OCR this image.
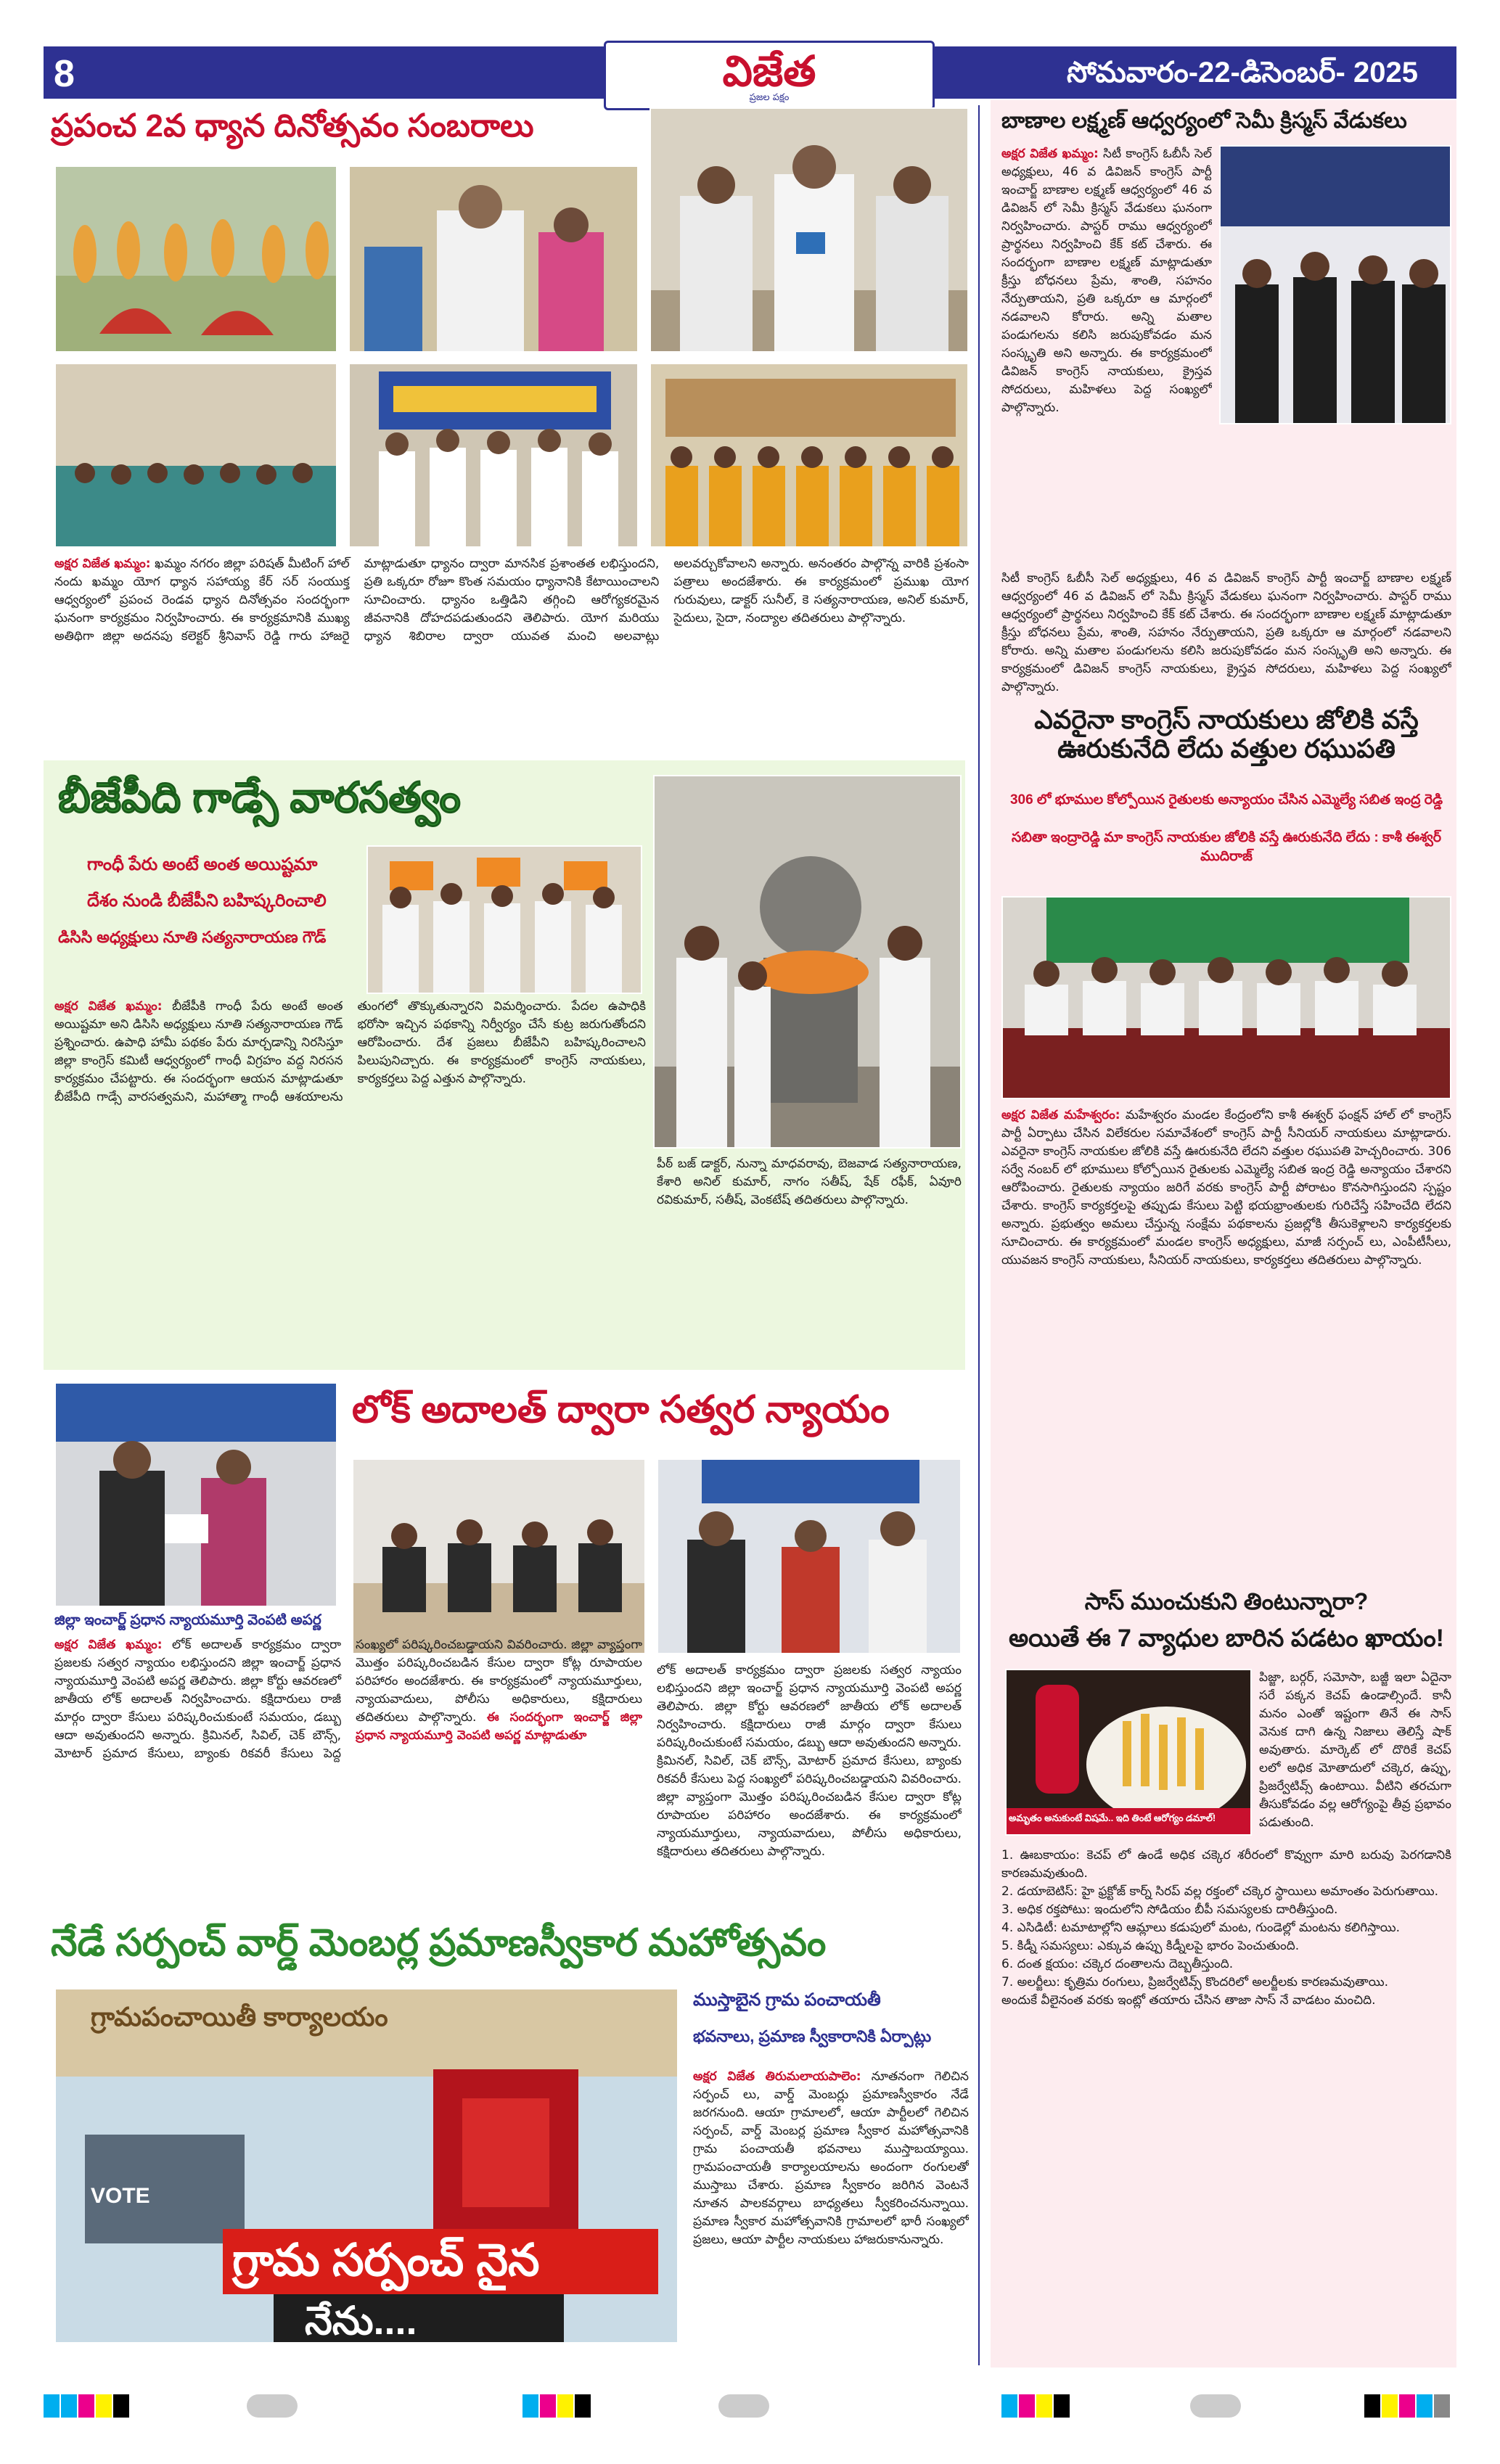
8	విజేత
ప్రజల పక్షం
సోమవారం-22-డిసెంబర్- 2025
ప్రపంచ 2వ ధ్యాన దినోత్సవం సంబరాలు
అక్షర విజేత ఖమ్మం: ఖమ్మం నగరం జిల్లా పరిషత్ మీటింగ్ హాల్ నందు ఖమ్మం యోగ ధ్యాన సహాయ్య కేర్ సర్ సంయుక్త ఆధ్వర్యంలో ప్రపంచ రెండవ ధ్యాన దినోత్సవం సందర్భంగా ఘనంగా కార్యక్రమం నిర్వహించారు. ఈ కార్యక్రమానికి ముఖ్య అతిథిగా జిల్లా అదనపు కలెక్టర్ శ్రీనివాస్ రెడ్డి గారు హాజరై మాట్లాడుతూ ధ్యానం ద్వారా మానసిక ప్రశాంతత లభిస్తుందని, ప్రతి ఒక్కరూ రోజూ కొంత సమయం ధ్యానానికి కేటాయించాలని సూచించారు. ధ్యానం ఒత్తిడిని తగ్గించి ఆరోగ్యకరమైన జీవనానికి దోహదపడుతుందని తెలిపారు. యోగ మరియు ధ్యాన శిబిరాల ద్వారా యువత మంచి అలవాట్లు అలవర్చుకోవాలని అన్నారు. అనంతరం పాల్గొన్న వారికి ప్రశంసా పత్రాలు అందజేశారు. ఈ కార్యక్రమంలో ప్రముఖ యోగ గురువులు, డాక్టర్ సునీల్, కె సత్యనారాయణ, అనిల్ కుమార్, సైదులు, సైదా, నంద్యాల తదితరులు పాల్గొన్నారు.
బీజేపీది గాడ్సే వారసత్వం
గాంధీ పేరు అంటే అంత అయిష్టమా
దేశం నుండి బీజేపీని బహిష్కరించాలి
డిసిసి అధ్యక్షులు నూతి సత్యనారాయణ గౌడ్
అక్షర విజేత ఖమ్మం: బీజేపీకి గాంధీ పేరు అంటే అంత అయిష్టమా అని డిసిసి అధ్యక్షులు నూతి సత్యనారాయణ గౌడ్ ప్రశ్నించారు. ఉపాధి హామీ పథకం పేరు మార్చడాన్ని నిరసిస్తూ జిల్లా కాంగ్రెస్ కమిటీ ఆధ్వర్యంలో గాంధీ విగ్రహం వద్ద నిరసన కార్యక్రమం చేపట్టారు. ఈ సందర్భంగా ఆయన మాట్లాడుతూ బీజేపీది గాడ్సే వారసత్వమని, మహాత్మా గాంధీ ఆశయాలను తుంగలో తొక్కుతున్నారని విమర్శించారు. పేదల ఉపాధికి భరోసా ఇచ్చిన పథకాన్ని నిర్వీర్యం చేసే కుట్ర జరుగుతోందని ఆరోపించారు. దేశ ప్రజలు బీజేపీని బహిష్కరించాలని పిలుపునిచ్చారు. ఈ కార్యక్రమంలో కాంగ్రెస్ నాయకులు, కార్యకర్తలు పెద్ద ఎత్తున పాల్గొన్నారు.
పీఠ్ బజ్ డాక్టర్, నున్నా మాధవరావు, బెజవాడ సత్యనారాయణ, కేశారి అనిల్ కుమార్, నాగం సతీష్, షేక్ రఫీక్, ఏవూరి రవికుమార్, సతీష్, వెంకటేష్ తదితరులు పాల్గొన్నారు.
జిల్లా ఇంచార్జ్ ప్రధాన న్యాయమూర్తి వెంపటి అపర్ణ
లోక్ అదాలత్ ద్వారా సత్వర న్యాయం
అక్షర విజేత ఖమ్మం: లోక్ అదాలత్ కార్యక్రమం ద్వారా ప్రజలకు సత్వర న్యాయం లభిస్తుందని జిల్లా ఇంచార్జ్ ప్రధాన న్యాయమూర్తి వెంపటి అపర్ణ తెలిపారు. జిల్లా కోర్టు ఆవరణలో జాతీయ లోక్ అదాలత్ నిర్వహించారు. కక్షిదారులు రాజీ మార్గం ద్వారా కేసులు పరిష్కరించుకుంటే సమయం, డబ్బు ఆదా అవుతుందని అన్నారు. క్రిమినల్, సివిల్, చెక్ బౌన్స్, మోటార్ ప్రమాద కేసులు, బ్యాంకు రికవరీ కేసులు పెద్ద సంఖ్యలో పరిష్కరించబడ్డాయని వివరించారు. జిల్లా వ్యాప్తంగా మొత్తం పరిష్కరించబడిన కేసుల ద్వారా కోట్ల రూపాయల పరిహారం అందజేశారు. ఈ కార్యక్రమంలో న్యాయమూర్తులు, న్యాయవాదులు, పోలీసు అధికారులు, కక్షిదారులు తదితరులు పాల్గొన్నారు. ఈ సందర్భంగా ఇంచార్జ్ జిల్లా ప్రధాన న్యాయమూర్తి వెంపటి అపర్ణ మాట్లాడుతూ
లోక్ అదాలత్ కార్యక్రమం ద్వారా ప్రజలకు సత్వర న్యాయం లభిస్తుందని జిల్లా ఇంచార్జ్ ప్రధాన న్యాయమూర్తి వెంపటి అపర్ణ తెలిపారు. జిల్లా కోర్టు ఆవరణలో జాతీయ లోక్ అదాలత్ నిర్వహించారు. కక్షిదారులు రాజీ మార్గం ద్వారా కేసులు పరిష్కరించుకుంటే సమయం, డబ్బు ఆదా అవుతుందని అన్నారు. క్రిమినల్, సివిల్, చెక్ బౌన్స్, మోటార్ ప్రమాద కేసులు, బ్యాంకు రికవరీ కేసులు పెద్ద సంఖ్యలో పరిష్కరించబడ్డాయని వివరించారు. జిల్లా వ్యాప్తంగా మొత్తం పరిష్కరించబడిన కేసుల ద్వారా కోట్ల రూపాయల పరిహారం అందజేశారు. ఈ కార్యక్రమంలో న్యాయమూర్తులు, న్యాయవాదులు, పోలీసు అధికారులు, కక్షిదారులు తదితరులు పాల్గొన్నారు.
నేడే సర్పంచ్ వార్డ్ మెంబర్ల ప్రమాణస్వీకార మహోత్సవం
గ్రామపంచాయితీ కార్యాలయం
VOTE
గ్రామ సర్పంచ్ నైన
నేను....
ముస్తాబైన గ్రామ పంచాయతీ
భవనాలు, ప్రమాణ స్వీకారానికి ఏర్పాట్లు
అక్షర విజేత తిరుమలాయపాలెం: నూతనంగా గెలిచిన సర్పంచ్ లు, వార్డ్ మెంబర్లు ప్రమాణస్వీకారం నేడే జరగనుంది. ఆయా గ్రామాలలో, ఆయా పార్టీలలో గెలిచిన సర్పంచ్, వార్డ్ మెంబర్ల ప్రమాణ స్వీకార మహోత్సవానికి గ్రామ పంచాయతీ భవనాలు ముస్తాబయ్యాయి. గ్రామపంచాయతీ కార్యాలయాలను అందంగా రంగులతో ముస్తాబు చేశారు. ప్రమాణ స్వీకారం జరిగిన వెంటనే నూతన పాలకవర్గాలు బాధ్యతలు స్వీకరించనున్నాయి. ప్రమాణ స్వీకార మహోత్సవానికి గ్రామాలలో భారీ సంఖ్యలో ప్రజలు, ఆయా పార్టీల నాయకులు హాజరుకానున్నారు.
బాణాల లక్ష్మణ్ ఆధ్వర్యంలో సెమీ క్రిస్మస్ వేడుకలు
అక్షర విజేత ఖమ్మం: సిటీ కాంగ్రెస్ ఓబీసీ సెల్ అధ్యక్షులు, 46 వ డివిజన్ కాంగ్రెస్ పార్టీ ఇంచార్జ్ బాణాల లక్ష్మణ్ ఆధ్వర్యంలో 46 వ డివిజన్ లో సెమీ క్రిస్మస్ వేడుకలు ఘనంగా నిర్వహించారు. పాస్టర్ రాము ఆధ్వర్యంలో ప్రార్థనలు నిర్వహించి కేక్ కట్ చేశారు. ఈ సందర్భంగా బాణాల లక్ష్మణ్ మాట్లాడుతూ క్రీస్తు బోధనలు ప్రేమ, శాంతి, సహనం నేర్పుతాయని, ప్రతి ఒక్కరూ ఆ మార్గంలో నడవాలని కోరారు. అన్ని మతాల పండుగలను కలిసి జరుపుకోవడం మన సంస్కృతి అని అన్నారు. ఈ కార్యక్రమంలో డివిజన్ కాంగ్రెస్ నాయకులు, క్రైస్తవ సోదరులు, మహిళలు పెద్ద సంఖ్యలో పాల్గొన్నారు.
సిటీ కాంగ్రెస్ ఓబీసీ సెల్ అధ్యక్షులు, 46 వ డివిజన్ కాంగ్రెస్ పార్టీ ఇంచార్జ్ బాణాల లక్ష్మణ్ ఆధ్వర్యంలో 46 వ డివిజన్ లో సెమీ క్రిస్మస్ వేడుకలు ఘనంగా నిర్వహించారు. పాస్టర్ రాము ఆధ్వర్యంలో ప్రార్థనలు నిర్వహించి కేక్ కట్ చేశారు. ఈ సందర్భంగా బాణాల లక్ష్మణ్ మాట్లాడుతూ క్రీస్తు బోధనలు ప్రేమ, శాంతి, సహనం నేర్పుతాయని, ప్రతి ఒక్కరూ ఆ మార్గంలో నడవాలని కోరారు. అన్ని మతాల పండుగలను కలిసి జరుపుకోవడం మన సంస్కృతి అని అన్నారు. ఈ కార్యక్రమంలో డివిజన్ కాంగ్రెస్ నాయకులు, క్రైస్తవ సోదరులు, మహిళలు పెద్ద సంఖ్యలో పాల్గొన్నారు.
ఎవరైనా కాంగ్రెస్ నాయకులు జోలికి వస్తే ఊరుకునేది లేదు వత్తుల రఘుపతి
306 లో భూముల కోల్పోయిన రైతులకు అన్యాయం చేసిన ఎమ్మెల్యే సబిత ఇంద్ర రెడ్డి
సబితా ఇంద్రారెడ్డి మా కాంగ్రెస్ నాయకుల జోలికి వస్తే ఊరుకునేది లేదు : కాశీ ఈశ్వర్ ముదిరాజ్
అక్షర విజేత మహేశ్వరం: మహేశ్వరం మండల కేంద్రంలోని కాశీ ఈశ్వర్ ఫంక్షన్ హాల్ లో కాంగ్రెస్ పార్టీ ఏర్పాటు చేసిన విలేకరుల సమావేశంలో కాంగ్రెస్ పార్టీ సీనియర్ నాయకులు మాట్లాడారు. ఎవరైనా కాంగ్రెస్ నాయకుల జోలికి వస్తే ఊరుకునేది లేదని వత్తుల రఘుపతి హెచ్చరించారు. 306 సర్వే నంబర్ లో భూములు కోల్పోయిన రైతులకు ఎమ్మెల్యే సబిత ఇంద్ర రెడ్డి అన్యాయం చేశారని ఆరోపించారు. రైతులకు న్యాయం జరిగే వరకు కాంగ్రెస్ పార్టీ పోరాటం కొనసాగిస్తుందని స్పష్టం చేశారు. కాంగ్రెస్ కార్యకర్తలపై తప్పుడు కేసులు పెట్టి భయభ్రాంతులకు గురిచేస్తే సహించేది లేదని అన్నారు. ప్రభుత్వం అమలు చేస్తున్న సంక్షేమ పథకాలను ప్రజల్లోకి తీసుకెళ్లాలని కార్యకర్తలకు సూచించారు. ఈ కార్యక్రమంలో మండల కాంగ్రెస్ అధ్యక్షులు, మాజీ సర్పంచ్ లు, ఎంపీటీసీలు, యువజన కాంగ్రెస్ నాయకులు, సీనియర్ నాయకులు, కార్యకర్తలు తదితరులు పాల్గొన్నారు.
సాస్ ముంచుకుని తింటున్నారా?
అయితే ఈ 7 వ్యాధుల బారిన పడటం ఖాయం!
అమృతం అనుకుంటే విషమే.. ఇది తింటే ఆరోగ్యం డమాల్!
పిజ్జా, బర్గర్, సమోసా, బజ్జీ ఇలా ఏదైనా సరే పక్కన కెచప్ ఉండాల్సిందే. కానీ మనం ఎంతో ఇష్టంగా తినే ఈ సాస్ వెనుక దాగి ఉన్న నిజాలు తెలిస్తే షాక్ అవుతారు. మార్కెట్ లో దొరికే కెచప్ లలో అధిక మోతాదులో చక్కెర, ఉప్పు, ప్రిజర్వేటివ్స్ ఉంటాయి. వీటిని తరచుగా తీసుకోవడం వల్ల ఆరోగ్యంపై తీవ్ర ప్రభావం పడుతుంది.
1. ఊబకాయం: కెచప్ లో ఉండే అధిక చక్కెర శరీరంలో కొవ్వుగా మారి బరువు పెరగడానికి కారణమవుతుంది.
2. డయాబెటిస్: హై ఫ్రక్టోజ్ కార్న్ సిరప్ వల్ల రక్తంలో చక్కెర స్థాయిలు అమాంతం పెరుగుతాయి.
3. అధిక రక్తపోటు: ఇందులోని సోడియం బీపీ సమస్యలకు దారితీస్తుంది.
4. ఎసిడిటీ: టమాటాల్లోని ఆమ్లాలు కడుపులో మంట, గుండెల్లో మంటను కలిగిస్తాయి.
5. కిడ్నీ సమస్యలు: ఎక్కువ ఉప్పు కిడ్నీలపై భారం పెంచుతుంది.
6. దంత క్షయం: చక్కెర దంతాలను దెబ్బతీస్తుంది.
7. అలర్జీలు: కృత్రిమ రంగులు, ప్రిజర్వేటివ్స్ కొందరిలో అలర్జీలకు కారణమవుతాయి.
అందుకే వీలైనంత వరకు ఇంట్లో తయారు చేసిన తాజా సాస్ నే వాడటం మంచిది.
